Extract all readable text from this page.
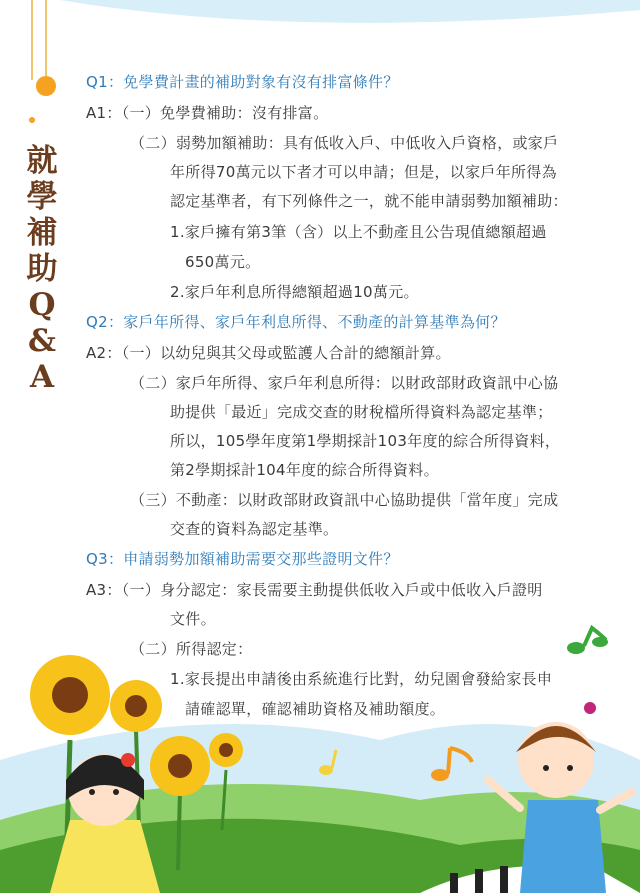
就
學
補
助
Q
&
A
Q1：免學費計畫的補助對象有沒有排富條件？
A1：（一）免學費補助：沒有排富。
（二）弱勢加額補助：具有低收入戶、中低收入戶資格，或家戶
年所得70萬元以下者才可以申請；但是，以家戶年所得為
認定基準者，有下列條件之一，就不能申請弱勢加額補助：
1.家戶擁有第3筆（含）以上不動產且公告現值總額超過
650萬元。
2.家戶年利息所得總額超過10萬元。
Q2：家戶年所得、家戶年利息所得、不動產的計算基準為何？
A2：（一）以幼兒與其父母或監護人合計的總額計算。
（二）家戶年所得、家戶年利息所得：以財政部財政資訊中心協
助提供「最近」完成交查的財稅檔所得資料為認定基準；
所以，105學年度第1學期採計103年度的綜合所得資料，
第2學期採計104年度的綜合所得資料。
（三）不動產：以財政部財政資訊中心協助提供「當年度」完成
交查的資料為認定基準。
Q3：申請弱勢加額補助需要交那些證明文件？
A3：（一）身分認定：家長需要主動提供低收入戶或中低收入戶證明
文件。
（二）所得認定：
1.家長提出申請後由系統進行比對，幼兒園會發給家長申
請確認單，確認補助資格及補助額度。
